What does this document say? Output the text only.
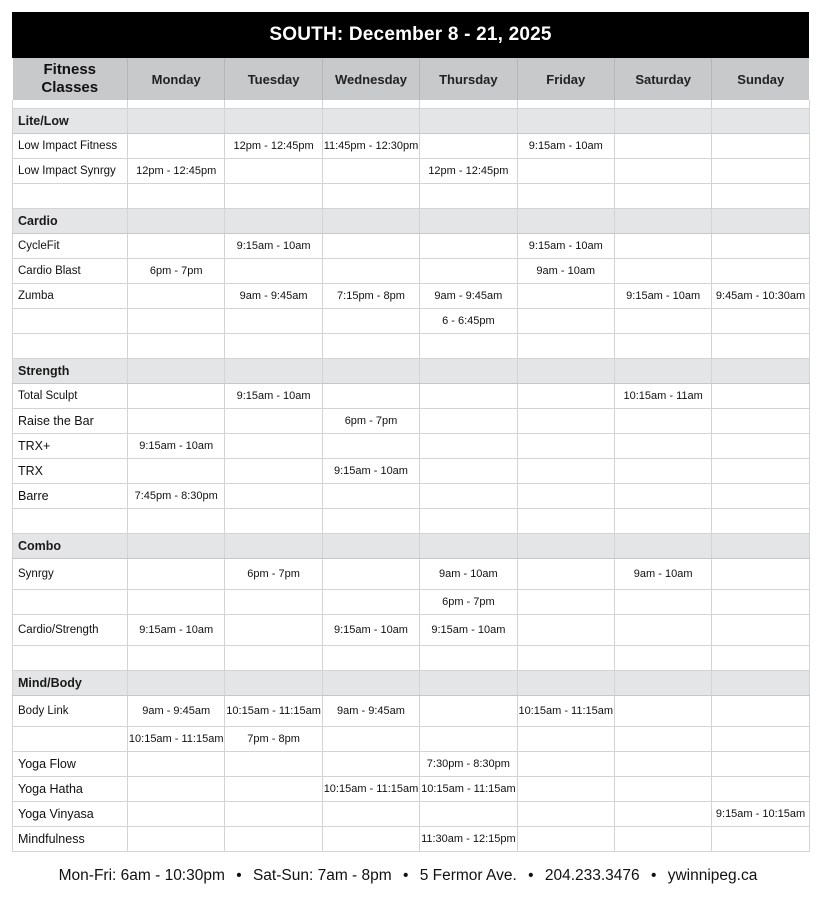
SOUTH: December 8 - 21, 2025
Fitness
Classes	Monday	Tuesday	Wednesday	Thursday	Friday	Saturday	Sunday

Lite/Low							
Low Impact Fitness		12pm - 12:45pm	11:45pm - 12:30pm		9:15am - 10am		
Low Impact Synrgy	12pm - 12:45pm			12pm - 12:45pm			

Cardio							
CycleFit		9:15am - 10am			9:15am - 10am		
Cardio Blast	6pm - 7pm				9am - 10am		
Zumba		9am - 9:45am	7:15pm - 8pm	9am - 9:45am		9:15am - 10am	9:45am - 10:30am
				6 - 6:45pm			

Strength							
Total Sculpt		9:15am - 10am				10:15am - 11am	
Raise the Bar			6pm - 7pm				
TRX+	9:15am - 10am						
TRX			9:15am - 10am				
Barre	7:45pm - 8:30pm						

Combo							
Synrgy		6pm - 7pm		9am - 10am		9am - 10am	
				6pm - 7pm			
Cardio/Strength	9:15am - 10am		9:15am - 10am	9:15am - 10am			

Mind/Body							
Body Link	9am - 9:45am	10:15am - 11:15am	9am - 9:45am		10:15am - 11:15am		
	10:15am - 11:15am	7pm - 8pm					
Yoga Flow				7:30pm - 8:30pm			
Yoga Hatha			10:15am - 11:15am	10:15am - 11:15am			
Yoga Vinyasa							9:15am - 10:15am
Mindfulness				11:30am - 12:15pm			
Mon-Fri: 6am - 10:30pm • Sat-Sun: 7am - 8pm • 5 Fermor Ave. • 204.233.3476 • ywinnipeg.ca
